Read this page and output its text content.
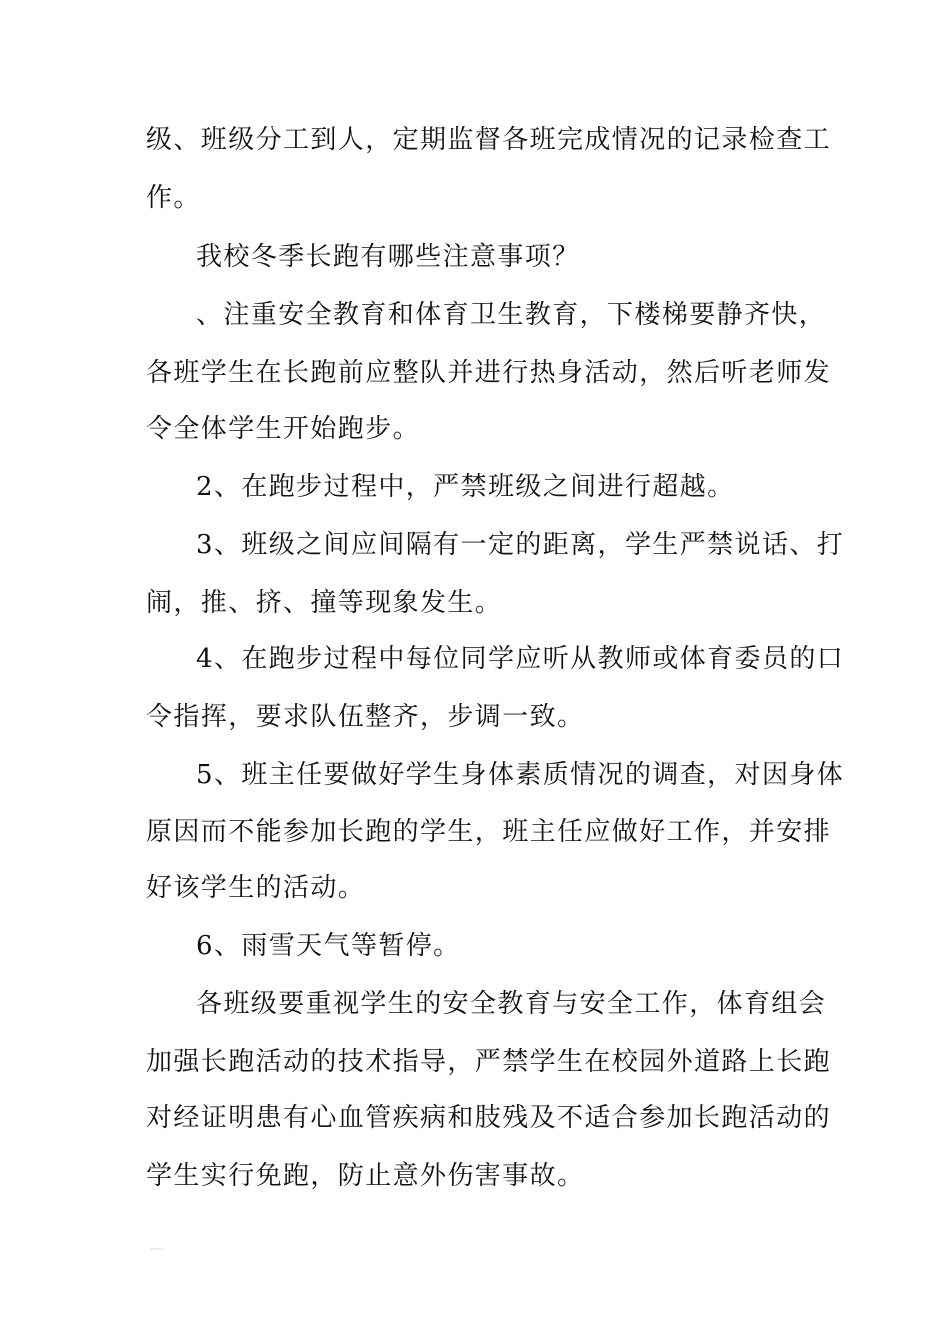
级、班级分工到人，定期监督各班完成情况的记录检查工
作。
我校冬季长跑有哪些注意事项？
、注重安全教育和体育卫生教育，下楼梯要静齐快，
各班学生在长跑前应整队并进行热身活动，然后听老师发
令全体学生开始跑步。
2、在跑步过程中，严禁班级之间进行超越。
3、班级之间应间隔有一定的距离，学生严禁说话、打
闹，推、挤、撞等现象发生。
4、在跑步过程中每位同学应听从教师或体育委员的口
令指挥，要求队伍整齐，步调一致。
5、班主任要做好学生身体素质情况的调查，对因身体
原因而不能参加长跑的学生，班主任应做好工作，并安排
好该学生的活动。
6、雨雪天气等暂停。
各班级要重视学生的安全教育与安全工作，体育组会
加强长跑活动的技术指导，严禁学生在校园外道路上长跑
对经证明患有心血管疾病和肢残及不适合参加长跑活动的
学生实行免跑，防止意外伤害事故。
